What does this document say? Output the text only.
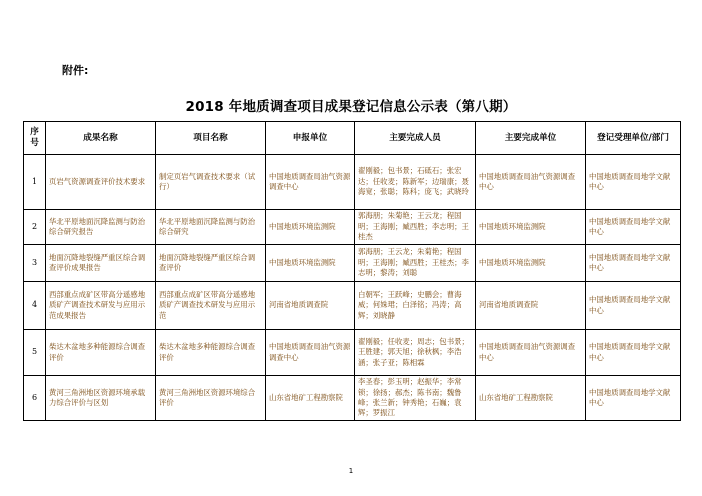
附件:
2018 年地质调查项目成果登记信息公示表（第八期）
序号	成果名称	项目名称	申报单位	主要完成人员	主要完成单位	登记受理单位/部门
1	页岩气资源调查评价技术要求	制定页岩气调查技术要求（试行）	中国地质调查局油气资源调查中心	翟刚毅；包书景；石砥石；张宏达；任收麦；陈新军；边瑞康；聂海宽；张聪；陈科；庞飞；武晓玲	中国地质调查局油气资源调查中心	中国地质调查局地学文献中心
2	华北平原地面沉降监测与防治综合研究报告	华北平原地面沉降监测与防治综合研究	中国地质环境监测院	郭海朋；朱菊艳；王云龙；程国明；王海刚；臧西胜；李志明；王桂杰	中国地质环境监测院	中国地质调查局地学文献中心
3	地面沉降地裂缝严重区综合调查评价成果报告	地面沉降地裂缝严重区综合调查评价	中国地质环境监测院	郭海朋；王云龙；朱菊艳；程国明；王海刚；臧西胜；王桂杰；李志明；黎涛；刘聪	中国地质环境监测院	中国地质调查局地学文献中心
4	西部重点成矿区带高分遥感地质矿产调查技术研发与应用示范成果报告	西部重点成矿区带高分遥感地质矿产调查技术研发与应用示范	河南省地质调查院	白朝军；王跃峰；史鹏会；曹海威；何姝珺；白泽铭；冯涛；高辉；刘晓静	河南省地质调查院	中国地质调查局地学文献中心
5	柴达木盆地多种能源综合调查评价	柴达木盆地多种能源综合调查评价	中国地质调查局油气资源调查中心	翟刚毅；任收麦；周志；包书景；王胜建；郭天旭；徐秋枫；李浩涵；张子亚；陈相霖	中国地质调查局油气资源调查中心	中国地质调查局地学文献中心
6	黄河三角洲地区资源环境承载力综合评价与区划	黄河三角洲地区资源环境综合评价	山东省地矿工程勘察院	李圣春；彭玉明；赵振华；李常锁；徐扬；郝杰；陈书南；魏鲁峰；张兰新；钟秀艳；石巍；袁辉；罗振江	山东省地矿工程勘察院	中国地质调查局地学文献中心
1
